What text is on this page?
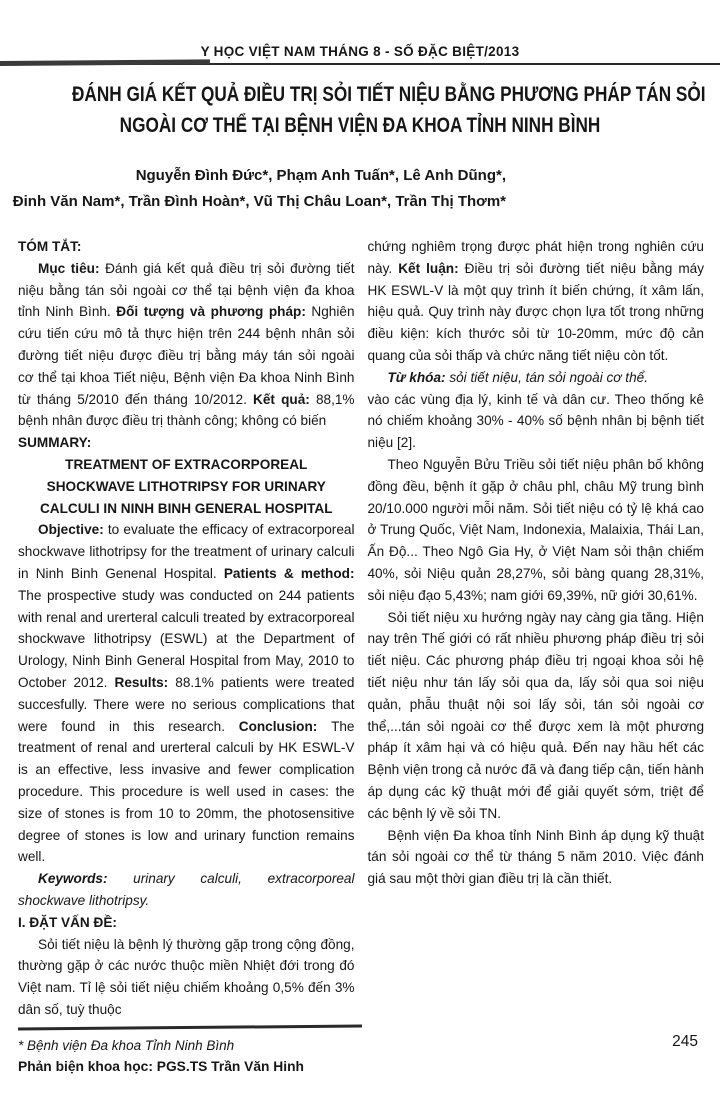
Y HỌC VIỆT NAM THÁNG 8 - SỐ ĐẶC BIỆT/2013
ĐÁNH GIÁ KẾT QUẢ ĐIỀU TRỊ SỎI TIẾT NIỆU BẰNG PHƯƠNG PHÁP TÁN SỎI
NGOÀI CƠ THỂ TẠI BỆNH VIỆN ĐA KHOA TỈNH NINH BÌNH
Nguyễn Đình Đức*, Phạm Anh Tuấn*, Lê Anh Dũng*,
Đinh Văn Nam*, Trần Đình Hoàn*, Vũ Thị Châu Loan*, Trần Thị Thơm*

TÓM TẮT:

Mục tiêu: Đánh giá kết quả điều trị sỏi đường tiết niệu bằng tán sỏi ngoài cơ thể tại bệnh viện đa khoa tỉnh Ninh Bình. Đối tượng và phương pháp: Nghiên cứu tiến cứu mô tả thực hiện trên 244 bệnh nhân sỏi đường tiết niệu được điều trị bằng máy tán sỏi ngoài cơ thể tại khoa Tiết niệu, Bệnh viện Đa khoa Ninh Bình từ tháng 5/2010 đến tháng 10/2012. Kết quả: 88,1% bệnh nhân được điều trị thành công; không có biến

SUMMARY:

TREATMENT OF EXTRACORPOREAL
SHOCKWAVE LITHOTRIPSY FOR URINARY
CALCULI IN NINH BINH GENERAL HOSPITAL

Objective: to evaluate the efficacy of extracorporeal shockwave lithotripsy for the treatment of urinary calculi in Ninh Binh Genenal Hospital. Patients & method: The prospective study was conducted on 244 patients with renal and urerteral calculi treated by extracorporeal shockwave lithotripsy (ESWL) at the Department of Urology, Ninh Binh General Hospital from May, 2010 to October 2012. Results: 88.1% patients were treated succesfully. There were no serious complications that were found in this research. Conclusion: The treatment of renal and urerteral calculi by HK ESWL-V is an effective, less invasive and fewer complication procedure. This procedure is well used in cases: the size of stones is from 10 to 20mm, the photosensitive degree of stones is low and urinary function remains well.

Keywords: urinary calculi, extracorporeal shockwave lithotripsy.

I. ĐẶT VẤN ĐỀ:

Sỏi tiết niệu là bệnh lý thường gặp trong cộng đồng, thường gặp ở các nước thuộc miền Nhiệt đới trong đó Việt nam. Tỉ lệ sỏi tiết niệu chiếm khoảng 0,5% đến 3% dân số, tuỳ thuộc

chứng nghiêm trọng được phát hiện trong nghiên cứu này. Kết luận: Điều trị sỏi đường tiết niệu bằng máy HK ESWL-V là một quy trình ít biến chứng, ít xâm lấn, hiệu quả. Quy trình này được chọn lựa tốt trong những điều kiện: kích thước sỏi từ 10-20mm, mức độ cản quang của sỏi thấp và chức năng tiết niệu còn tốt.

Từ khóa: sỏi tiết niệu, tán sỏi ngoài cơ thể.

vào các vùng địa lý, kinh tế và dân cư. Theo thống kê nó chiếm khoảng 30% - 40% số bệnh nhân bị bệnh tiết niệu [2].

Theo Nguyễn Bửu Triều sỏi tiết niệu phân bố không đồng đều, bệnh ít gặp ở châu phl, châu Mỹ trung bình 20/10.000 người mỗi năm. Sỏi tiết niệu có tỷ lệ khá cao ở Trung Quốc, Việt Nam, Indonexia, Malaixia, Thái Lan, Ấn Độ... Theo Ngô Gia Hy, ở Việt Nam sỏi thận chiếm 40%, sỏi Niệu quản 28,27%, sỏi bàng quang 28,31%, sỏi niệu đạo 5,43%; nam giới 69,39%, nữ giới 30,61%.

Sỏi tiết niệu xu hướng ngày nay càng gia tăng. Hiện nay trên Thế giới có rất nhiều phương pháp điều trị sỏi tiết niệu. Các phương pháp điều trị ngoại khoa sỏi hệ tiết niệu như tán lấy sỏi qua da, lấy sỏi qua soi niệu quản, phẫu thuật nội soi lấy sỏi, tán sỏi ngoài cơ thể,...tán sỏi ngoài cơ thể được xem là một phương pháp ít xâm hại và có hiệu quả. Đến nay hầu hết các Bệnh viện trong cả nước đã và đang tiếp cận, tiến hành áp dụng các kỹ thuật mới để giải quyết sớm, triệt để các bệnh lý về sỏi TN.

Bệnh viện Đa khoa tỉnh Ninh Bình áp dụng kỹ thuật tán sỏi ngoài cơ thể từ tháng 5 năm 2010. Việc đánh giá sau một thời gian điều trị là cần thiết.

* Bệnh viện Đa khoa Tỉnh Ninh Bình
Phản biện khoa học: PGS.TS Trần Văn Hinh
245
